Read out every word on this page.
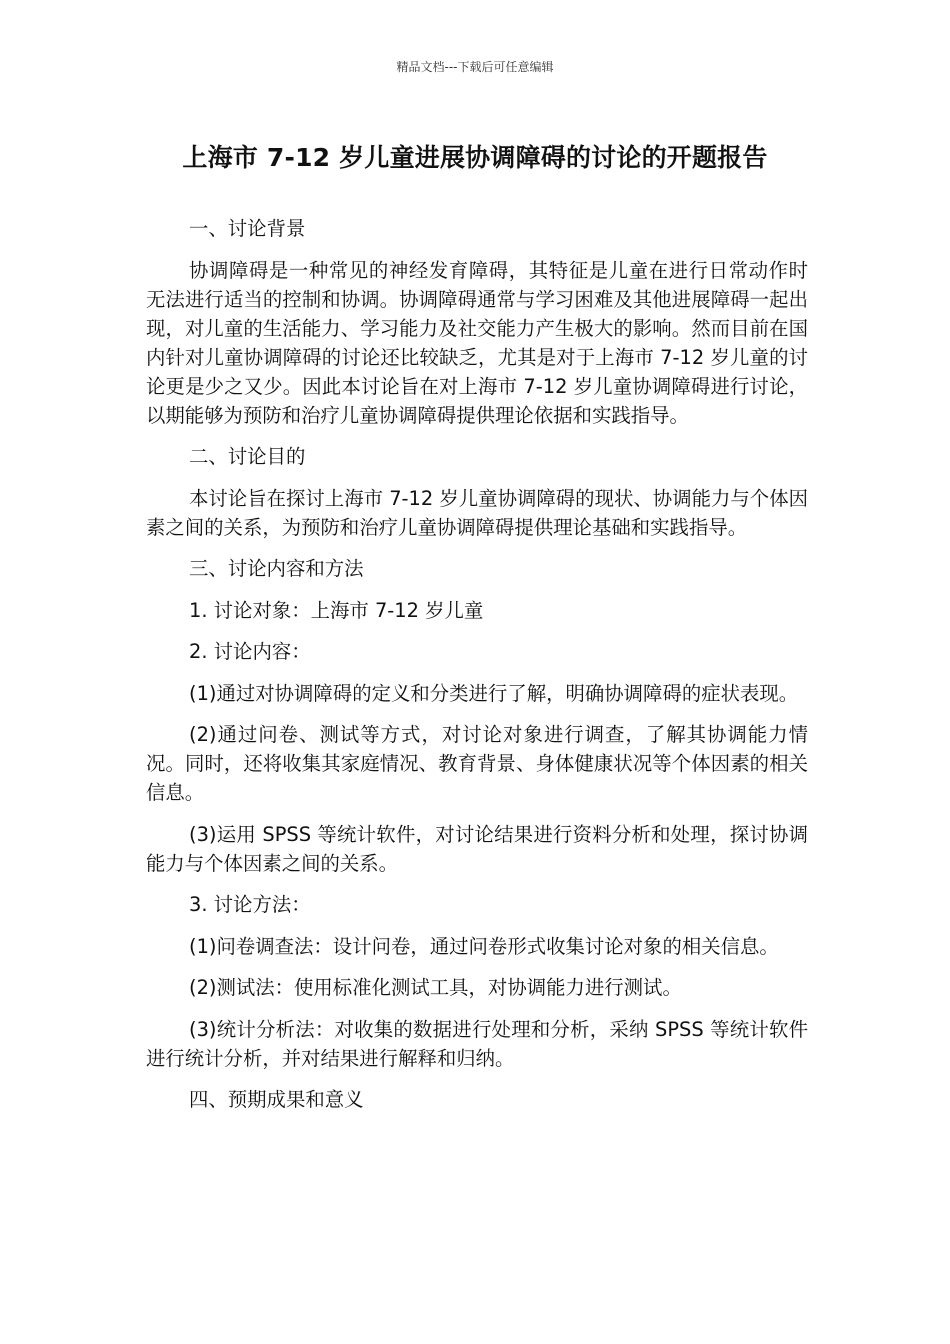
精品文档---下载后可任意编辑
上海市 7-12 岁儿童进展协调障碍的讨论的开题报告

一、讨论背景

协调障碍是一种常见的神经发育障碍，其特征是儿童在进行日常动作时无法进行适当的控制和协调。协调障碍通常与学习困难及其他进展障碍一起出现，对儿童的生活能力、学习能力及社交能力产生极大的影响。然而目前在国内针对儿童协调障碍的讨论还比较缺乏，尤其是对于上海市 7-12 岁儿童的讨论更是少之又少。因此本讨论旨在对上海市 7-12 岁儿童协调障碍进行讨论，以期能够为预防和治疗儿童协调障碍提供理论依据和实践指导。

二、讨论目的

本讨论旨在探讨上海市 7-12 岁儿童协调障碍的现状、协调能力与个体因素之间的关系，为预防和治疗儿童协调障碍提供理论基础和实践指导。

三、讨论内容和方法

1. 讨论对象：上海市 7-12 岁儿童

2. 讨论内容：

(1)通过对协调障碍的定义和分类进行了解，明确协调障碍的症状表现。

(2)通过问卷、测试等方式，对讨论对象进行调查，了解其协调能力情况。同时，还将收集其家庭情况、教育背景、身体健康状况等个体因素的相关信息。

(3)运用 SPSS 等统计软件，对讨论结果进行资料分析和处理，探讨协调能力与个体因素之间的关系。

3. 讨论方法：

(1)问卷调查法：设计问卷，通过问卷形式收集讨论对象的相关信息。

(2)测试法：使用标准化测试工具，对协调能力进行测试。

(3)统计分析法：对收集的数据进行处理和分析，采纳 SPSS 等统计软件进行统计分析，并对结果进行解释和归纳。

四、预期成果和意义
